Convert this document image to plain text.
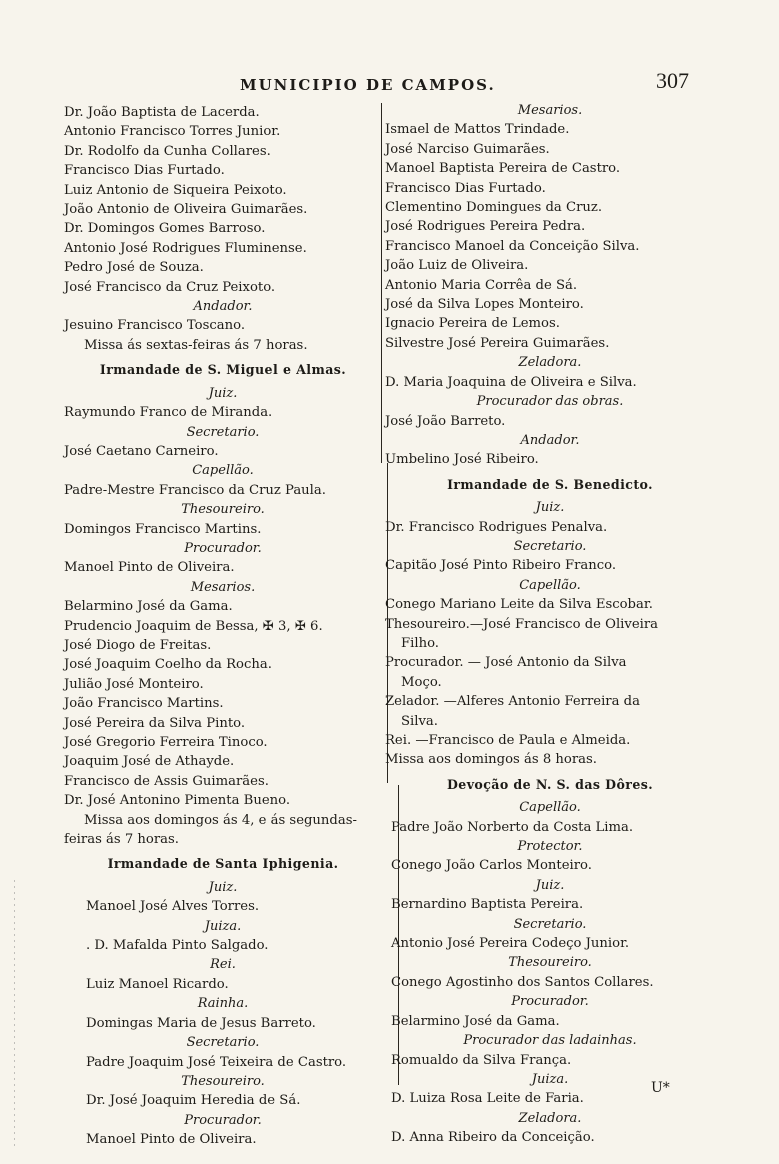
MUNICIPIO DE CAMPOS.	307
Dr. João Baptista de Lacerda.
Antonio Francisco Torres Junior.
Dr. Rodolfo da Cunha Collares.
Francisco Dias Furtado.
Luiz Antonio de Siqueira Peixoto.
João Antonio de Oliveira Guimarães.
Dr. Domingos Gomes Barroso.
Antonio José Rodrigues Fluminense.
Pedro José de Souza.
José Francisco da Cruz Peixoto.
Andador.
Jesuino Francisco Toscano.
Missa ás sextas-feiras ás 7 horas.
Irmandade de S. Miguel e Almas.
Juiz.
Raymundo Franco de Miranda.
Secretario.
José Caetano Carneiro.
Capellão.
Padre-Mestre Francisco da Cruz Paula.
Thesoureiro.
Domingos Francisco Martins.
Procurador.
Manoel Pinto de Oliveira.
Mesarios.
Belarmino José da Gama.
Prudencio Joaquim de Bessa, ✠ 3, ✠ 6.
José Diogo de Freitas.
José Joaquim Coelho da Rocha.
Julião José Monteiro.
João Francisco Martins.
José Pereira da Silva Pinto.
José Gregorio Ferreira Tinoco.
Joaquim José de Athayde.
Francisco de Assis Guimarães.
Dr. José Antonino Pimenta Bueno.
Missa aos domingos ás 4, e ás segundas-
feiras ás 7 horas.
Irmandade de Santa Iphigenia.
Juiz.
Manoel José Alves Torres.
Juiza.
. D. Mafalda Pinto Salgado.
Rei.
Luiz Manoel Ricardo.
Rainha.
Domingas Maria de Jesus Barreto.
Secretario.
Padre Joaquim José Teixeira de Castro.
Thesoureiro.
Dr. José Joaquim Heredia de Sá.
Procurador.
Manoel Pinto de Oliveira.
Mesarios.
Ismael de Mattos Trindade.
José Narciso Guimarães.
Manoel Baptista Pereira de Castro.
Francisco Dias Furtado.
Clementino Domingues da Cruz.
José Rodrigues Pereira Pedra.
Francisco Manoel da Conceição Silva.
João Luiz de Oliveira.
Antonio Maria Corrêa de Sá.
José da Silva Lopes Monteiro.
Ignacio Pereira de Lemos.
Silvestre José Pereira Guimarães.
Zeladora.
D. Maria Joaquina de Oliveira e Silva.
Procurador das obras.
José João Barreto.
Andador.
Umbelino José Ribeiro.
Irmandade de S. Benedicto.
Juiz.
Dr. Francisco Rodrigues Penalva.
Secretario.
Capitão José Pinto Ribeiro Franco.
Capellão.
Conego Mariano Leite da Silva Escobar.
Thesoureiro.—José Francisco de Oliveira
Filho.
Procurador. — José Antonio da Silva
Moço.
Zelador. —Alferes Antonio Ferreira da
Silva.
Rei. —Francisco de Paula e Almeida.
Missa aos domingos ás 8 horas.
Devoção de N. S. das Dôres.
Capellão.
Padre João Norberto da Costa Lima.
Protector.
Conego João Carlos Monteiro.
Juiz.
Bernardino Baptista Pereira.
Secretario.
Antonio José Pereira Codeço Junior.
Thesoureiro.
Conego Agostinho dos Santos Collares.
Procurador.
Belarmino José da Gama.
Procurador das ladainhas.
Romualdo da Silva França.
Juiza.
D. Luiza Rosa Leite de Faria.
Zeladora.
D. Anna Ribeiro da Conceição.
U*
